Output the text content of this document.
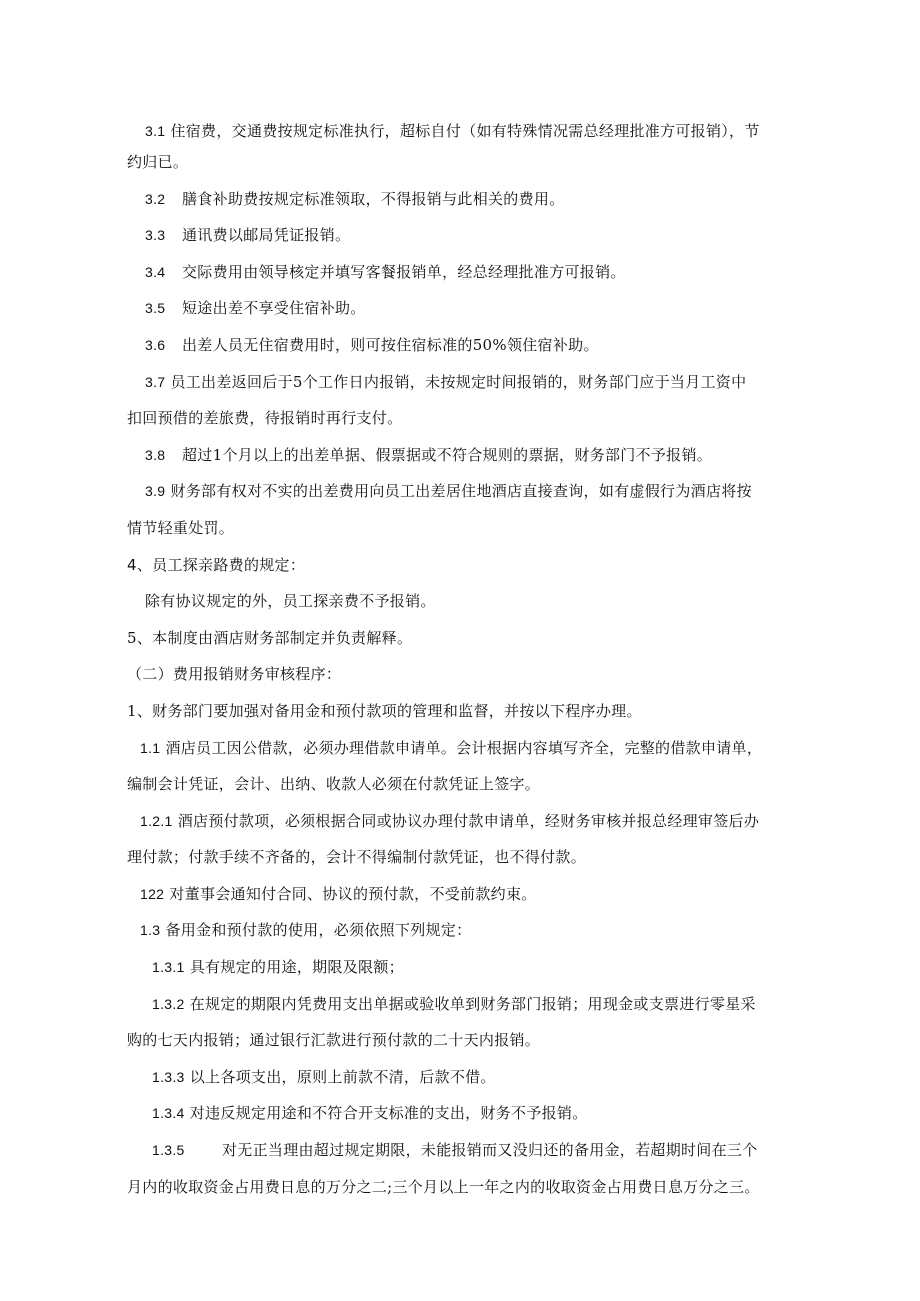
3.1 住宿费，交通费按规定标准执行，超标自付（如有特殊情况需总经理批准方可报销），节
约归已。
3.2 膳食补助费按规定标准领取，不得报销与此相关的费用。
3.3 通讯费以邮局凭证报销。
3.4 交际费用由领导核定并填写客餐报销单，经总经理批准方可报销。
3.5 短途出差不享受住宿补助。
3.6 出差人员无住宿费用时，则可按住宿标准的50%领住宿补助。
3.7 员工出差返回后于5个工作日内报销，未按规定时间报销的，财务部门应于当月工资中
扣回预借的差旅费，待报销时再行支付。
3.8 超过1个月以上的出差单据、假票据或不符合规则的票据，财务部门不予报销。
3.9 财务部有权对不实的出差费用向员工出差居住地酒店直接查询，如有虚假行为酒店将按
情节轻重处罚。
4、员工探亲路费的规定：
除有协议规定的外，员工探亲费不予报销。
5、本制度由酒店财务部制定并负责解释。
（二）费用报销财务审核程序：
1、财务部门要加强对备用金和预付款项的管理和监督，并按以下程序办理。
1.1 酒店员工因公借款，必须办理借款申请单。会计根据内容填写齐全，完整的借款申请单，
编制会计凭证，会计、出纳、收款人必须在付款凭证上签字。
1.2.1 酒店预付款项，必须根据合同或协议办理付款申请单，经财务审核并报总经理审签后办
理付款；付款手续不齐备的，会计不得编制付款凭证，也不得付款。
122 对董事会通知付合同、协议的预付款，不受前款约束。
1.3 备用金和预付款的使用，必须依照下列规定：
1.3.1 具有规定的用途，期限及限额；
1.3.2 在规定的期限内凭费用支出单据或验收单到财务部门报销；用现金或支票进行零星采
购的七天内报销；通过银行汇款进行预付款的二十天内报销。
1.3.3 以上各项支出，原则上前款不清，后款不借。
1.3.4 对违反规定用途和不符合开支标准的支出，财务不予报销。
1.3.5 对无正当理由超过规定期限，未能报销而又没归还的备用金，若超期时间在三个
月内的收取资金占用费日息的万分之二;三个月以上一年之内的收取资金占用费日息万分之三。
